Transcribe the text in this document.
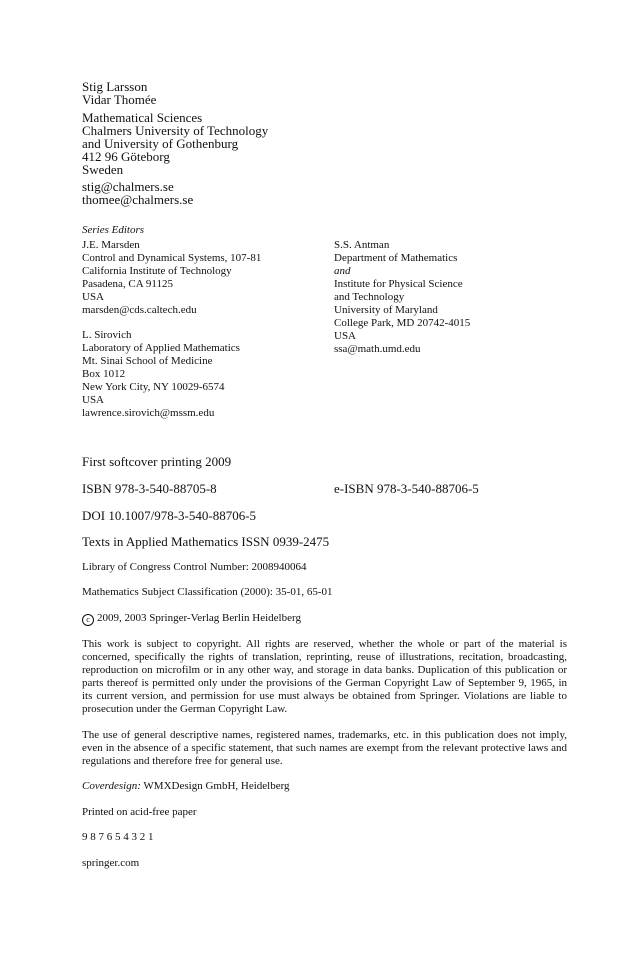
Stig Larsson
Vidar Thomée
Mathematical Sciences
Chalmers University of Technology
and University of Gothenburg
412 96 Göteborg
Sweden
stig@chalmers.se
thomee@chalmers.se
Series Editors
J.E. Marsden
Control and Dynamical Systems, 107-81
California Institute of Technology
Pasadena, CA 91125
USA
marsden@cds.caltech.edu
L. Sirovich
Laboratory of Applied Mathematics
Mt. Sinai School of Medicine
Box 1012
New York City, NY 10029-6574
USA
lawrence.sirovich@mssm.edu
S.S. Antman
Department of Mathematics
and
Institute for Physical Science
and Technology
University of Maryland
College Park, MD 20742-4015
USA
ssa@math.umd.edu
First softcover printing 2009
ISBN 978-3-540-88705-8	e-ISBN 978-3-540-88706-5
DOI 10.1007/978-3-540-88706-5
Texts in Applied Mathematics ISSN 0939-2475
Library of Congress Control Number: 2008940064
Mathematics Subject Classification (2000): 35-01, 65-01
c 2009, 2003 Springer-Verlag Berlin Heidelberg
This work is subject to copyright. All rights are reserved, whether the whole or part of the material is concerned, specifically the rights of translation, reprinting, reuse of illustrations, recitation, broadcasting, reproduction on microfilm or in any other way, and storage in data banks. Duplication of this publication or parts thereof is permitted only under the provisions of the German Copyright Law of September 9, 1965, in its current version, and permission for use must always be obtained from Springer. Violations are liable to prosecution under the German Copyright Law.
The use of general descriptive names, registered names, trademarks, etc. in this publication does not imply, even in the absence of a specific statement, that such names are exempt from the relevant protective laws and regulations and therefore free for general use.
Coverdesign: WMXDesign GmbH, Heidelberg
Printed on acid-free paper
9 8 7 6 5 4 3 2 1
springer.com
